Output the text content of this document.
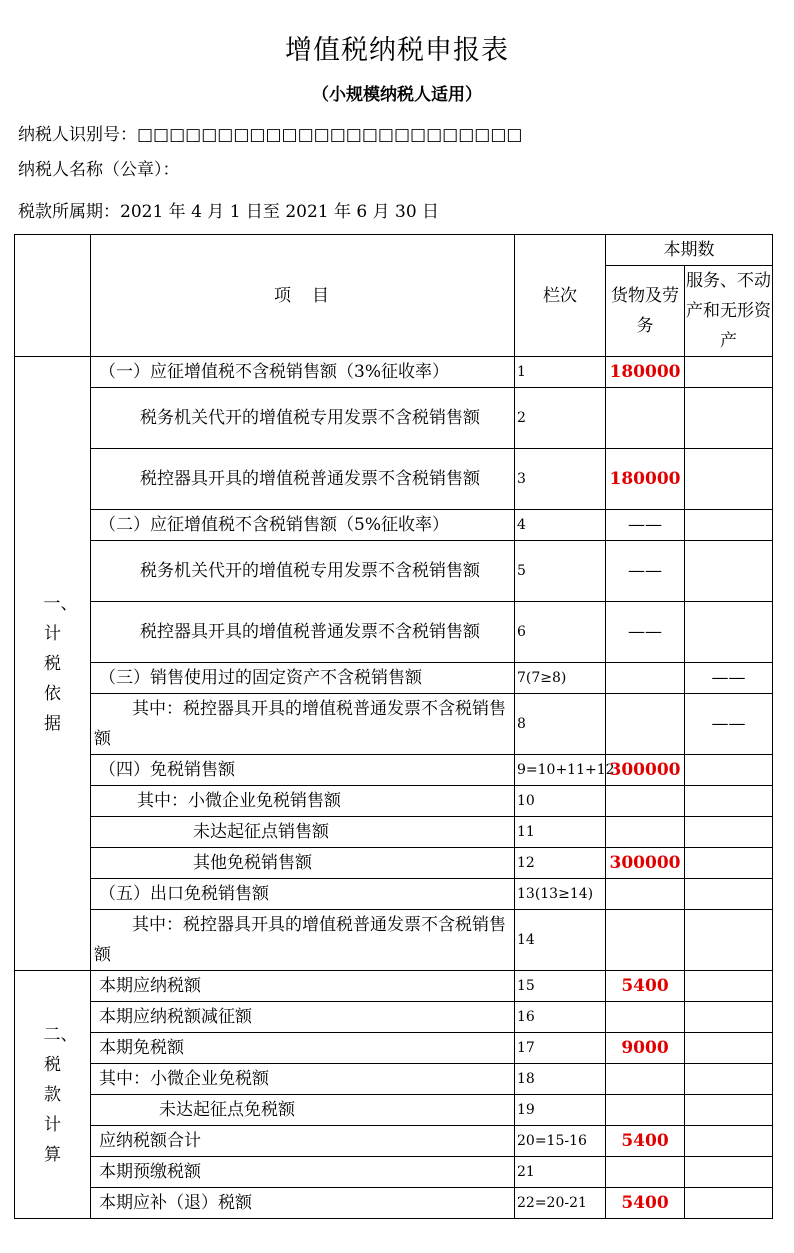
增值税纳税申报表
（小规模纳税人适用）
纳税人识别号：□□□□□□□□□□□□□□□□□□□□□□□□
纳税人名称（公章）：
税款所属期：2021 年 4 月 1 日至 2021 年 6 月 30 日
	项　目	栏次	本期数	
			货物及劳务	服务、不动产和无形资产

一、计税依据	（一）应征增值税不含税销售额（3%征收率）	1	180000	
	税务机关代开的增值税专用发票不含税销售额	2		
	税控器具开具的增值税普通发票不含税销售额	3	180000	
	（二）应征增值税不含税销售额（5%征收率）	4	——	
	税务机关代开的增值税专用发票不含税销售额	5	——	
	税控器具开具的增值税普通发票不含税销售额	6	——	
	（三）销售使用过的固定资产不含税销售额	7(7≥8)		——
	其中：税控器具开具的增值税普通发票不含税销售额	8		——
	（四）免税销售额	9=10+11+12	300000	
	其中：小微企业免税销售额	10		
	未达起征点销售额	11		
	其他免税销售额	12	300000	
	（五）出口免税销售额	13(13≥14)		
	其中：税控器具开具的增值税普通发票不含税销售额	14		
二、税款计算	本期应纳税额	15	5400	
	本期应纳税额减征额	16		
	本期免税额	17	9000	
	其中：小微企业免税额	18		
	未达起征点免税额	19		
	应纳税额合计	20=15-16	5400	
	本期预缴税额	21		
	本期应补（退）税额	22=20-21	5400	
